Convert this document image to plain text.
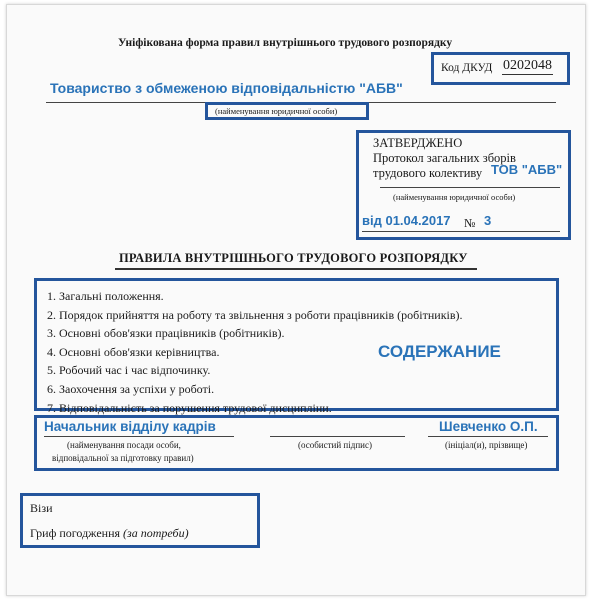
Уніфікована форма правил внутрішнього трудового розпорядку
Код ДКУД 0202048
Товариство з обмеженою відповідальністю "АБВ"
(найменування юридичної особи)
ЗАТВЕРДЖЕНО
Протокол загальних зборів
трудового колективу ТОВ "АБВ"
(найменування юридичної особи)
від 01.04.2017 № 3
ПРАВИЛА ВНУТРІШНЬОГО ТРУДОВОГО РОЗПОРЯДКУ
1. Загальні положення.
2. Порядок прийняття на роботу та звільнення з роботи працівників (робітників).
3. Основні обов'язки працівників (робітників).
4. Основні обов'язки керівництва.
5. Робочий час і час відпочинку.
6. Заохочення за успіхи у роботі.
7. Відповідальність за порушення трудової дисципліни.
СОДЕРЖАНИЕ
Начальник відділу кадрів	Шевченко О.П.
(найменування посади особи,
відповідальної за підготовку правил)
(особистий підпис)	(ініціал(и), прізвище)
Візи
Гриф погодження (за потреби)
